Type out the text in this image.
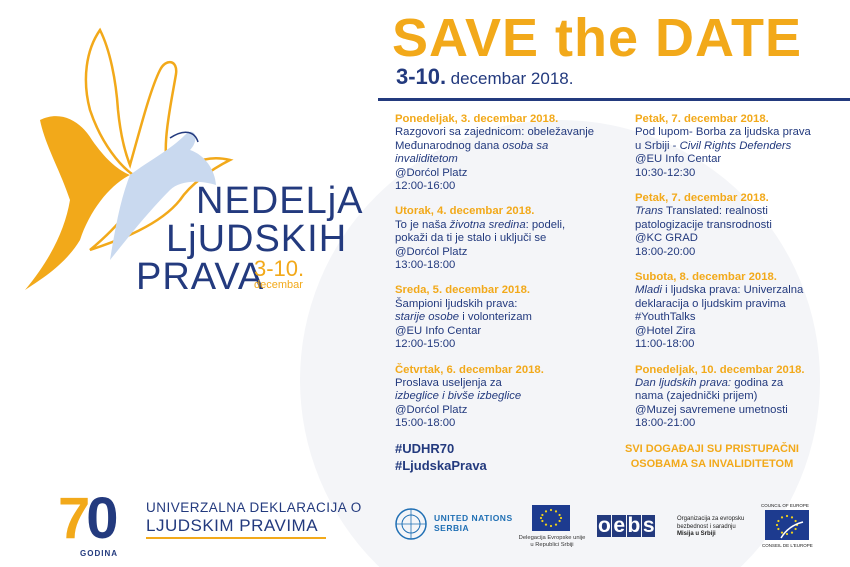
NEDELjA
LjUDSKIH
PRAVA
3-10.
decembar
SAVE the DATE
3-10. decembar 2018.
Ponedeljak, 3. decembar 2018.
Razgovori sa zajednicom: obeležavanje
Međunarodnog dana osoba sa invaliditetom
@Dorćol Platz
12:00-16:00
Utorak, 4. decembar 2018.
To je naša životna sredina: podeli,
pokaži da ti je stalo i uključi se
@Dorćol Platz
13:00-18:00
Sreda, 5. decembar 2018.
Šampioni ljudskih prava:
starije osobe i volonterizam
@EU Info Centar
12:00-15:00
Četvrtak, 6. decembar 2018.
Proslava useljenja za
izbeglice i bivše izbeglice
@Dorćol Platz
15:00-18:00
Petak, 7. decembar 2018.
Pod lupom- Borba za ljudska prava
u Srbiji - Civil Rights Defenders
@EU Info Centar
10:30-12:30
Petak, 7. decembar 2018.
Trans Translated: realnosti
patologizacije transrodnosti
@KC GRAD
18:00-20:00
Subota, 8. decembar 2018.
Mladi i ljudska prava: Univerzalna
deklaracija o ljudskim pravima
#YouthTalks
@Hotel Zira
11:00-18:00
Ponedeljak, 10. decembar 2018.
Dan ljudskih prava: godina za
nama (zajednički prijem)
@Muzej savremene umetnosti
18:00-21:00
#UDHR70
#LjudskaPrava
SVI DOGAĐAJI SU PRISTUPAČNI
OSOBAMA SA INVALIDITETOM
70
GODINA
UNIVERZALNA DEKLARACIJA O
LJUDSKIM PRAVIMA	UNITED NATIONS
SERBIA
Delegacija Evropske unije
u Republici Srbiji
o e b s	Organizacija za evropsku
bezbednost i saradnju
Misija u Srbiji
COUNCIL OF EUROPE
CONSEIL DE L'EUROPE
